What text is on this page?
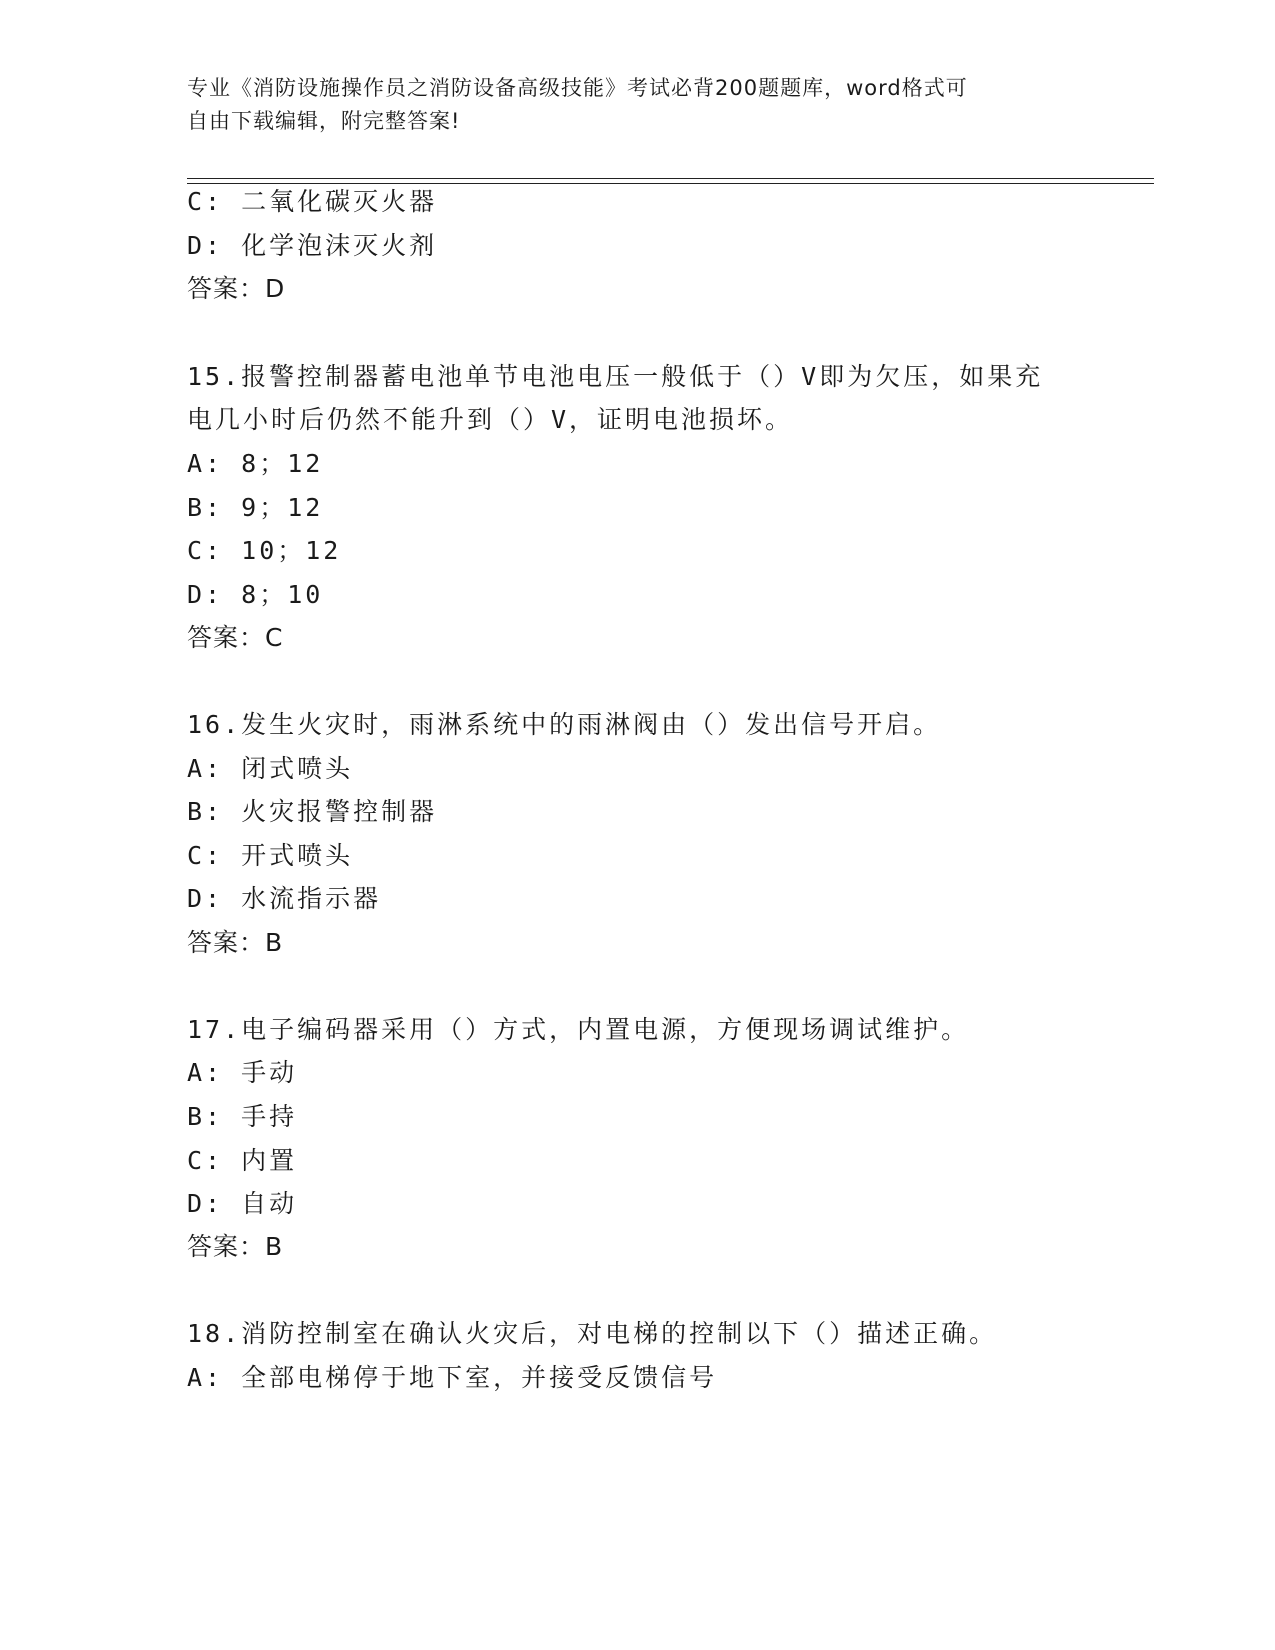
专业《消防设施操作员之消防设备高级技能》考试必背200题题库，word格式可
自由下载编辑，附完整答案!
C: 二氧化碳灭火器
D: 化学泡沫灭火剂
答案：D
15.报警控制器蓄电池单节电池电压一般低于（）V即为欠压，如果充
电几小时后仍然不能升到（）V，证明电池损坏。
A: 8；12
B: 9；12
C: 10；12
D: 8；10
答案：C
16.发生火灾时，雨淋系统中的雨淋阀由（）发出信号开启。
A: 闭式喷头
B: 火灾报警控制器
C: 开式喷头
D: 水流指示器
答案：B
17.电子编码器采用（）方式，内置电源，方便现场调试维护。
A: 手动
B: 手持
C: 内置
D: 自动
答案：B
18.消防控制室在确认火灾后，对电梯的控制以下（）描述正确。
A: 全部电梯停于地下室，并接受反馈信号
